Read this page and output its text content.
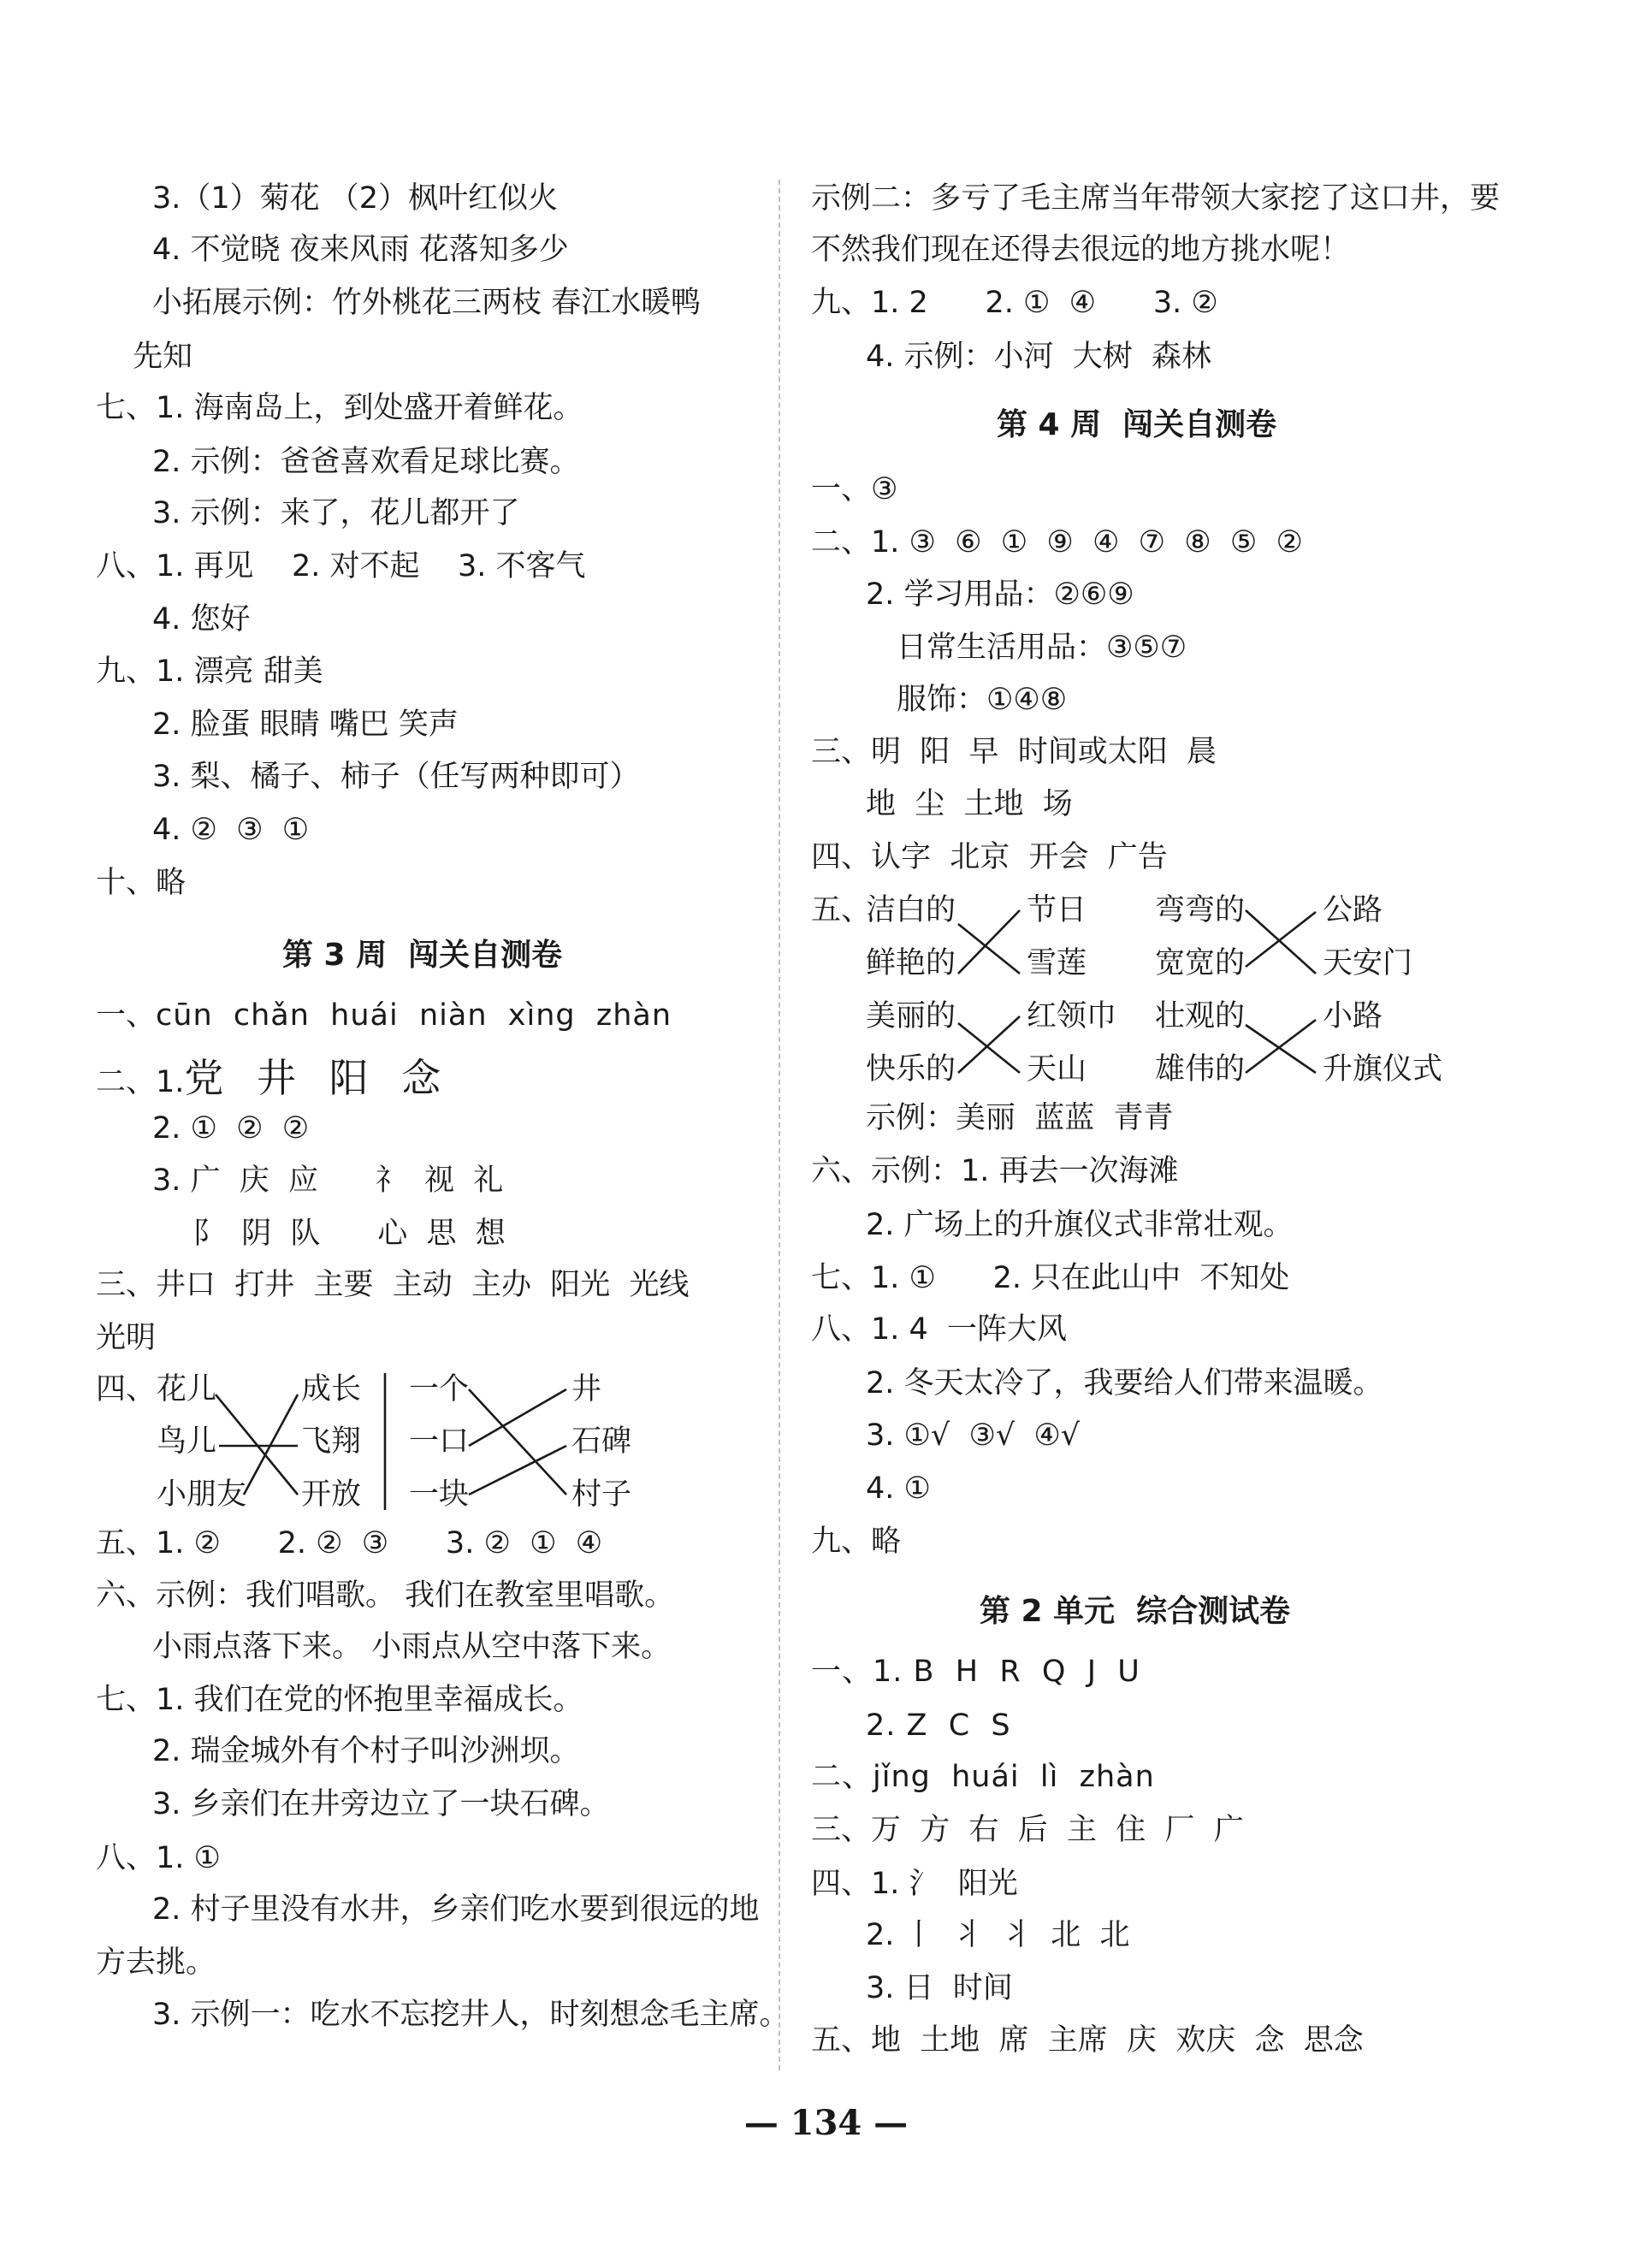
3.（1）菊花 （2）枫叶红似火
4. 不觉晓 夜来风雨 花落知多少
小拓展示例：竹外桃花三两枝 春江水暖鸭
先知
七、1. 海南岛上，到处盛开着鲜花。
2. 示例：爸爸喜欢看足球比赛。
3. 示例：来了，花儿都开了
八、1. 再见    2. 对不起    3. 不客气
4. 您好
九、1. 漂亮 甜美
2. 脸蛋 眼睛 嘴巴 笑声
3. 梨、橘子、柿子（任写两种即可）
4. ②  ③  ①
十、略
第 3 周  闯关自测卷
一、cūn  chǎn  huái  niàn  xìng  zhàn
二、1.党 井 阳 念
2. ①  ②  ②
3. 广  庆  应      礻  视  礼
阝  阴  队      心  思  想
三、井口  打井  主要  主动  主办  阳光  光线
光明
四、 花儿
鸟儿
小朋友
成长
飞翔
开放
一个
一口
一块
井
石碑
村子
五、1. ②      2. ②  ③      3. ②  ①  ④
六、示例：我们唱歌。 我们在教室里唱歌。
小雨点落下来。 小雨点从空中落下来。
七、1. 我们在党的怀抱里幸福成长。
2. 瑞金城外有个村子叫沙洲坝。
3. 乡亲们在井旁边立了一块石碑。
八、1. ①
2. 村子里没有水井，乡亲们吃水要到很远的地
方去挑。
3. 示例一：吃水不忘挖井人，时刻想念毛主席。
示例二：多亏了毛主席当年带领大家挖了这口井，要
不然我们现在还得去很远的地方挑水呢！
九、1. 2      2. ①  ④      3. ②
4. 示例：小河  大树  森林
第 4 周  闯关自测卷
一、③
二、1. ③  ⑥  ①  ⑨  ④  ⑦  ⑧  ⑤  ②
2. 学习用品：②⑥⑨
日常生活用品：③⑤⑦
服饰：①④⑧
三、明  阳  早  时间或太阳  晨
地  尘  土地  场
四、认字  北京  开会  广告
五、
洁白的
鲜艳的
美丽的
快乐的
节日
雪莲
红领巾
天山
弯弯的
宽宽的
壮观的
雄伟的
公路
天安门
小路
升旗仪式
示例：美丽  蓝蓝  青青
六、示例：1. 再去一次海滩
2. 广场上的升旗仪式非常壮观。
七、1. ①      2. 只在此山中  不知处
八、1. 4  一阵大风
2. 冬天太冷了，我要给人们带来温暖。
3. ①√  ③√  ④√
4. ①
九、略
第 2 单元  综合测试卷
一、1. B  H  R  Q  J  U
2. Z  C  S
二、jǐng  huái  lì  zhàn
三、万  方  右  后  主  住  厂  广
四、1. 氵  阳光
2. 丨  丬  丬  北  北
3. 日  时间
五、地  土地  席  主席  庆  欢庆  念  思念
— 134 —
